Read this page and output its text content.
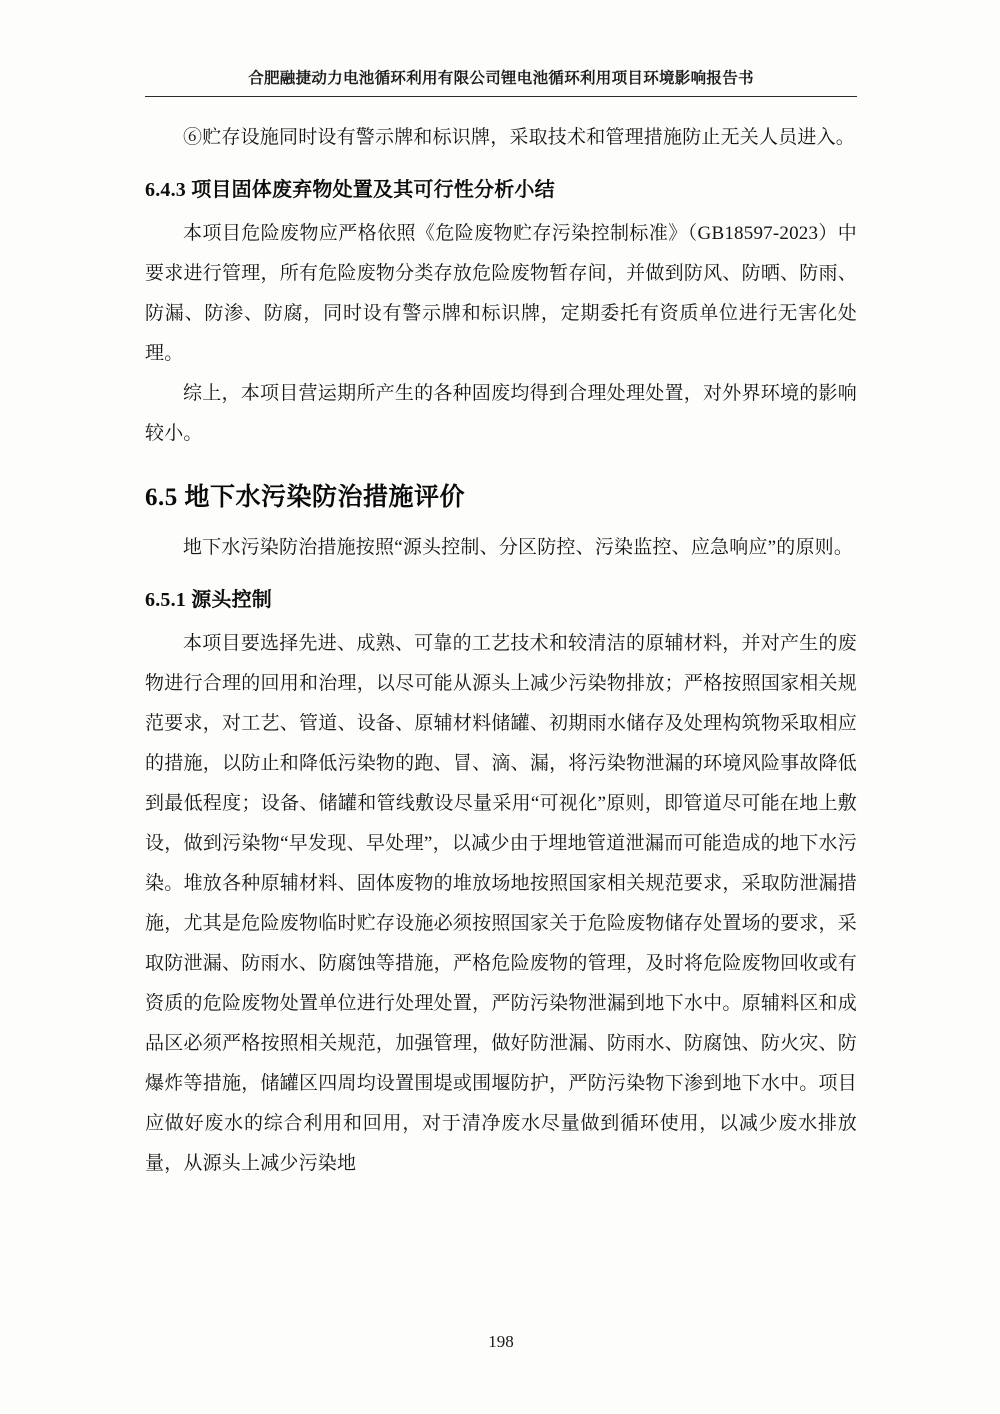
合肥融捷动力电池循环利用有限公司锂电池循环利用项目环境影响报告书

⑥贮存设施同时设有警示牌和标识牌，采取技术和管理措施防止无关人员进入。

6.4.3 项目固体废弃物处置及其可行性分析小结

本项目危险废物应严格依照《危险废物贮存污染控制标准》（GB18597-2023）中要求进行管理，所有危险废物分类存放危险废物暂存间，并做到防风、防晒、防雨、防漏、防渗、防腐，同时设有警示牌和标识牌，定期委托有资质单位进行无害化处理。

综上，本项目营运期所产生的各种固废均得到合理处理处置，对外界环境的影响较小。

6.5 地下水污染防治措施评价

地下水污染防治措施按照“源头控制、分区防控、污染监控、应急响应”的原则。

6.5.1 源头控制

本项目要选择先进、成熟、可靠的工艺技术和较清洁的原辅材料，并对产生的废物进行合理的回用和治理，以尽可能从源头上减少污染物排放；严格按照国家相关规范要求，对工艺、管道、设备、原辅材料储罐、初期雨水储存及处理构筑物采取相应的措施，以防止和降低污染物的跑、冒、滴、漏，将污染物泄漏的环境风险事故降低到最低程度；设备、储罐和管线敷设尽量采用“可视化”原则，即管道尽可能在地上敷设，做到污染物“早发现、早处理”，以减少由于埋地管道泄漏而可能造成的地下水污染。堆放各种原辅材料、固体废物的堆放场地按照国家相关规范要求，采取防泄漏措施，尤其是危险废物临时贮存设施必须按照国家关于危险废物储存处置场的要求，采取防泄漏、防雨水、防腐蚀等措施，严格危险废物的管理，及时将危险废物回收或有资质的危险废物处置单位进行处理处置，严防污染物泄漏到地下水中。原辅料区和成品区必须严格按照相关规范，加强管理，做好防泄漏、防雨水、防腐蚀、防火灾、防爆炸等措施，储罐区四周均设置围堤或围堰防护，严防污染物下渗到地下水中。项目应做好废水的综合利用和回用，对于清净废水尽量做到循环使用，以减少废水排放量，从源头上减少污染地

198
